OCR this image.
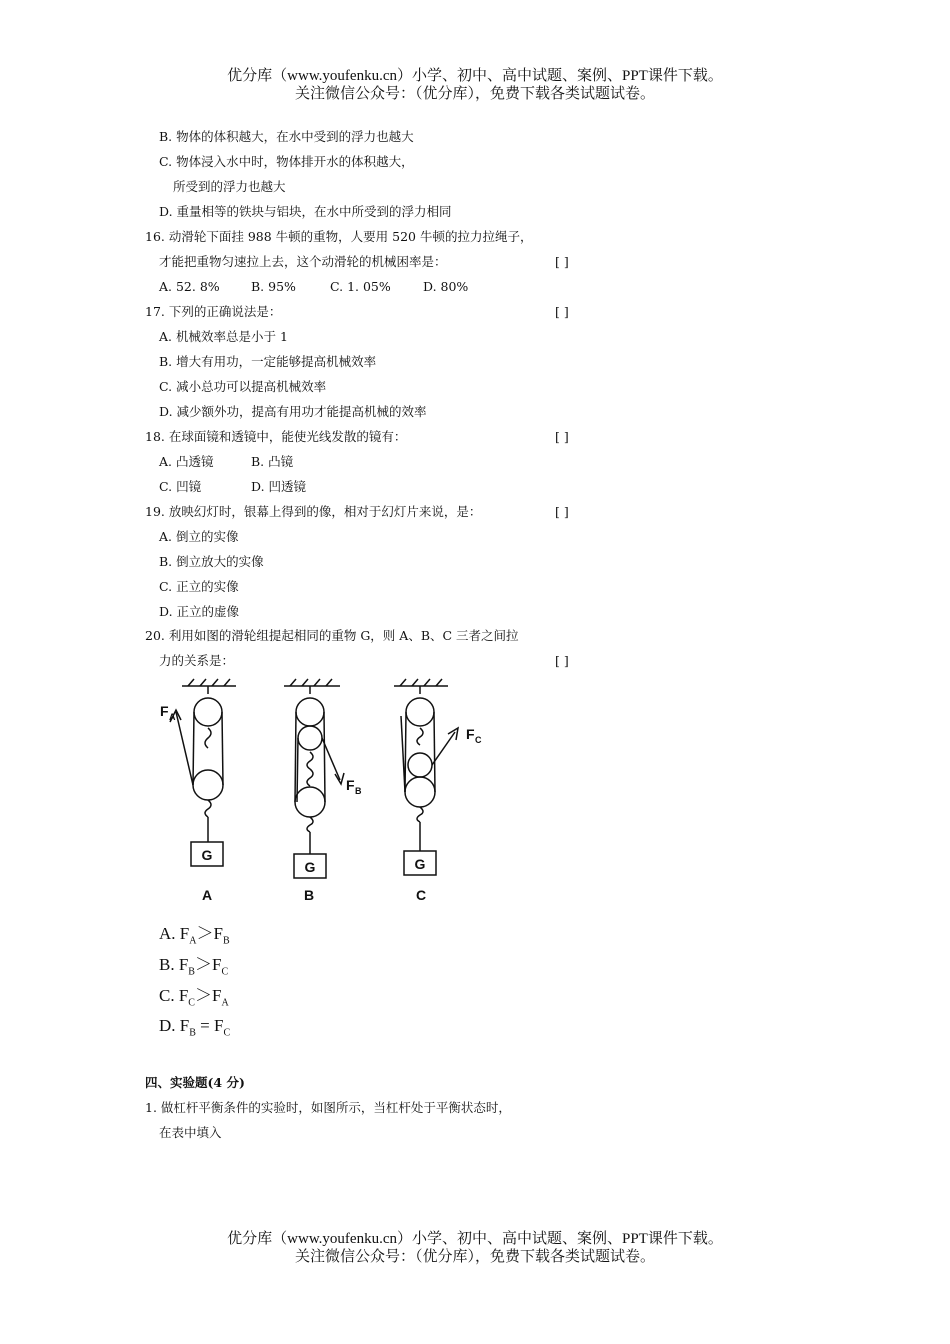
优分库（www.youfenku.cn）小学、初中、高中试题、案例、PPT课件下载。
关注微信公众号：（优分库），免费下载各类试题试卷。
B. 物体的体积越大，在水中受到的浮力也越大
C. 物体浸入水中时，物体排开水的体积越大，
所受到的浮力也越大
D. 重量相等的铁块与铝块，在水中所受到的浮力相同
16. 动滑轮下面挂 988 牛顿的重物，人要用 520 牛顿的拉力拉绳子，
才能把重物匀速拉上去，这个动滑轮的机械困率是：	[ ]
A. 52. 8%	B. 95%	C. 1. 05%	D. 80%
17. 下列的正确说法是：	[ ]
A. 机械效率总是小于 1
B. 增大有用功，一定能够提高机械效率
C. 减小总功可以提高机械效率
D. 减少额外功，提高有用功才能提高机械的效率
18. 在球面镜和透镜中，能使光线发散的镜有：	[ ]
A. 凸透镜	B. 凸镜
C. 凹镜	D. 凹透镜
19. 放映幻灯时，银幕上得到的像，相对于幻灯片来说，是：	[ ]
A. 倒立的实像
B. 倒立放大的实像
C. 正立的实像
D. 正立的虚像
20. 利用如图的滑轮组提起相同的重物 G，则 A、B、C 三者之间拉
力的关系是：	[ ]
G
G	G
A	B	C
F A
F B
F C
A. $F_A>F_B$
B. $F_B>F_C$
C. $F_C>F_A$
D. $F_B = F_C$
四、实验题(4 分)
1. 做杠杆平衡条件的实验时，如图所示，当杠杆处于平衡状态时，
在表中填入
优分库（www.youfenku.cn）小学、初中、高中试题、案例、PPT课件下载。
关注微信公众号：（优分库），免费下载各类试题试卷。
